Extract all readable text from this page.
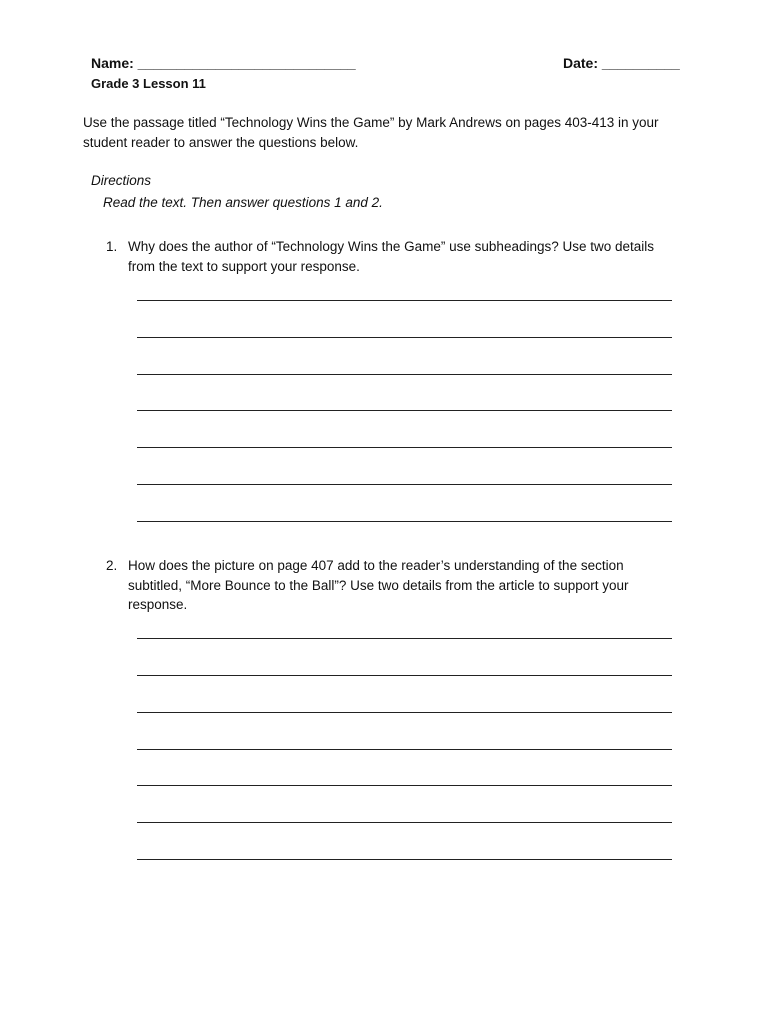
Name: ____________________________	Date: __________
Grade 3 Lesson 11
Use the passage titled “Technology Wins the Game” by Mark Andrews on pages 403-413 in your student reader to answer the questions below.
Directions
Read the text. Then answer questions 1 and 2.
1. Why does the author of “Technology Wins the Game” use subheadings? Use two details from the text to support your response.
2. How does the picture on page 407 add to the reader’s understanding of the section subtitled, “More Bounce to the Ball”? Use two details from the article to support your response.
